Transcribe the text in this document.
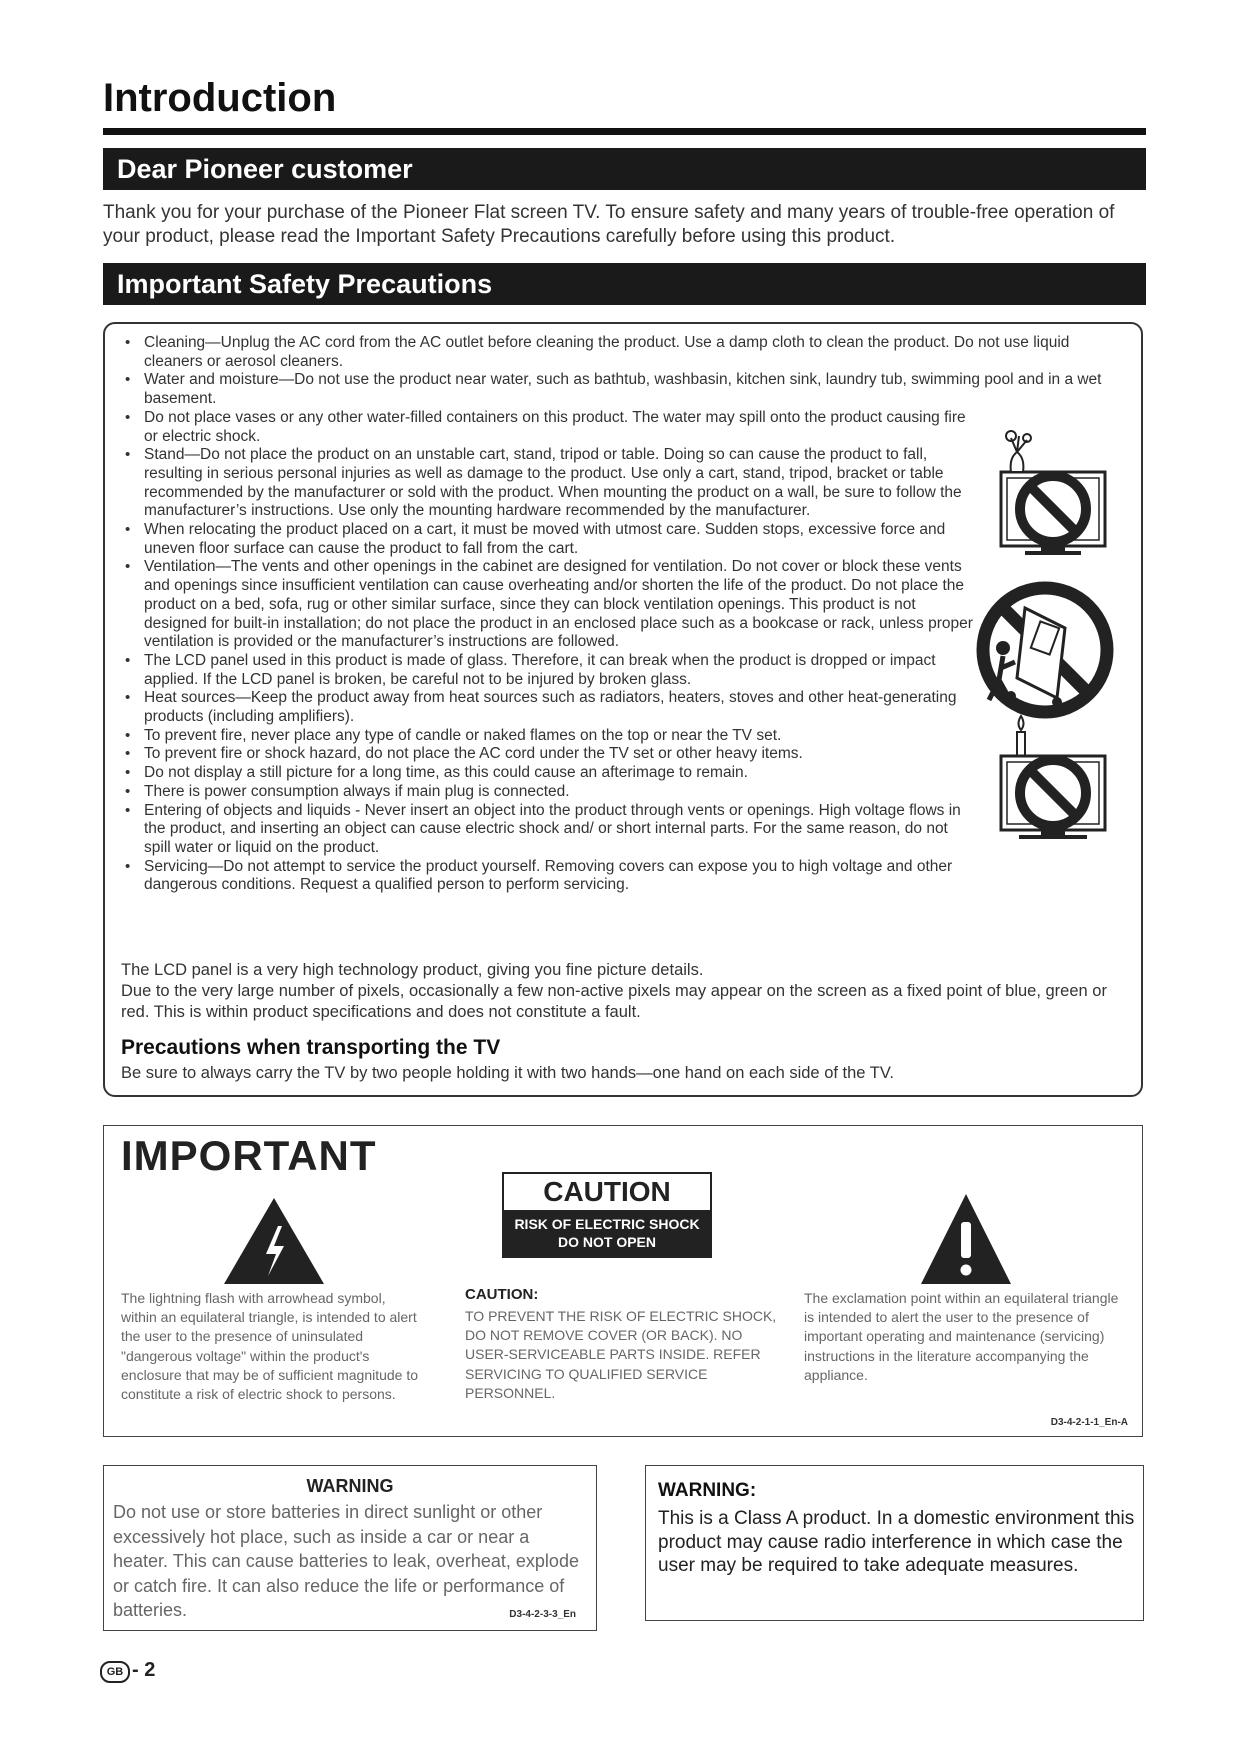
Introduction
Dear Pioneer customer
Thank you for your purchase of the Pioneer Flat screen TV. To ensure safety and many years of trouble-free operation of your product, please read the Important Safety Precautions carefully before using this product.
Important Safety Precautions
• Cleaning—Unplug the AC cord from the AC outlet before cleaning the product. Use a damp cloth to clean the product. Do not use liquid cleaners or aerosol cleaners.
• Water and moisture—Do not use the product near water, such as bathtub, washbasin, kitchen sink, laundry tub, swimming pool and in a wet basement.
• Do not place vases or any other water-filled containers on this product. The water may spill onto the product causing fire or electric shock.
• Stand—Do not place the product on an unstable cart, stand, tripod or table. Doing so can cause the product to fall, resulting in serious personal injuries as well as damage to the product. Use only a cart, stand, tripod, bracket or table recommended by the manufacturer or sold with the product. When mounting the product on a wall, be sure to follow the manufacturer’s instructions. Use only the mounting hardware recommended by the manufacturer.
• When relocating the product placed on a cart, it must be moved with utmost care. Sudden stops, excessive force and uneven floor surface can cause the product to fall from the cart.
• Ventilation—The vents and other openings in the cabinet are designed for ventilation. Do not cover or block these vents and openings since insufficient ventilation can cause overheating and/or shorten the life of the product. Do not place the product on a bed, sofa, rug or other similar surface, since they can block ventilation openings. This product is not designed for built-in installation; do not place the product in an enclosed place such as a bookcase or rack, unless proper ventilation is provided or the manufacturer’s instructions are followed.
• The LCD panel used in this product is made of glass. Therefore, it can break when the product is dropped or impact applied. If the LCD panel is broken, be careful not to be injured by broken glass.
• Heat sources—Keep the product away from heat sources such as radiators, heaters, stoves and other heat-generating products (including amplifiers).
• To prevent fire, never place any type of candle or naked flames on the top or near the TV set.
• To prevent fire or shock hazard, do not place the AC cord under the TV set or other heavy items.
• Do not display a still picture for a long time, as this could cause an afterimage to remain.
• There is power consumption always if main plug is connected.
• Entering of objects and liquids - Never insert an object into the product through vents or openings. High voltage flows in the product, and inserting an object can cause electric shock and/ or short internal parts. For the same reason, do not spill water or liquid on the product.
• Servicing—Do not attempt to service the product yourself. Removing covers can expose you to high voltage and other dangerous conditions. Request a qualified person to perform servicing.

The LCD panel is a very high technology product, giving you fine picture details.

Due to the very large number of pixels, occasionally a few non-active pixels may appear on the screen as a fixed point of blue, green or red. This is within product specifications and does not constitute a fault.

Precautions when transporting the TV
Be sure to always carry the TV by two people holding it with two hands—one hand on each side of the TV.
IMPORTANT
CAUTION
RISK OF ELECTRIC SHOCK
DO NOT OPEN
The lightning flash with arrowhead symbol, within an equilateral triangle, is intended to alert the user to the presence of uninsulated "dangerous voltage" within the product's enclosure that may be of sufficient magnitude to constitute a risk of electric shock to persons.
CAUTION:
TO PREVENT THE RISK OF ELECTRIC SHOCK, DO NOT REMOVE COVER (OR BACK). NO USER-SERVICEABLE PARTS INSIDE. REFER SERVICING TO QUALIFIED SERVICE PERSONNEL.
The exclamation point within an equilateral triangle is intended to alert the user to the presence of important operating and maintenance (servicing) instructions in the literature accompanying the appliance.
D3-4-2-1-1_En-A
WARNING
Do not use or store batteries in direct sunlight or other excessively hot place, such as inside a car or near a heater. This can cause batteries to leak, overheat, explode or catch fire. It can also reduce the life or performance of batteries.	D3-4-2-3-3_En
WARNING:
This is a Class A product. In a domestic environment this product may cause radio interference in which case the user may be required to take adequate measures.
GB - 2
